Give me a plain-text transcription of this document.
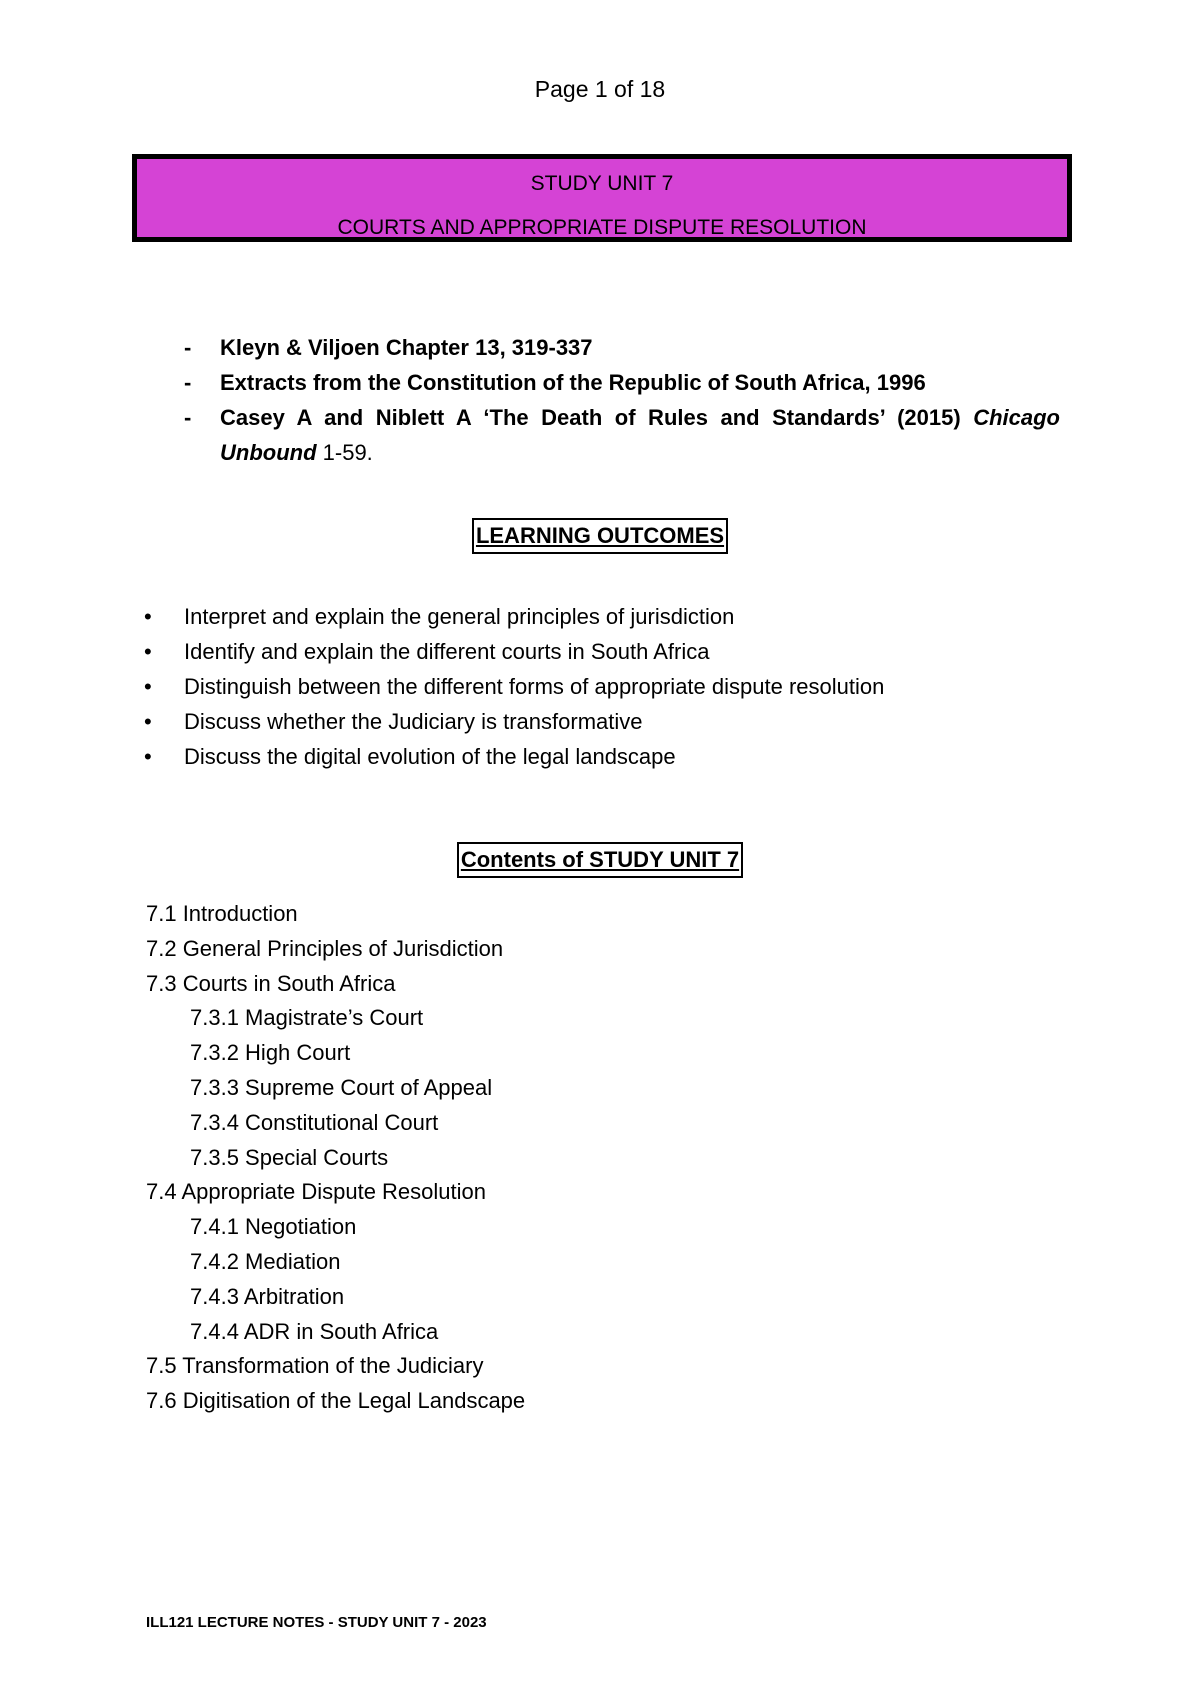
Page 1 of 18

STUDY UNIT 7

COURTS AND APPROPRIATE DISPUTE RESOLUTION

- Kleyn & Viljoen Chapter 13, 319-337
- Extracts from the Constitution of the Republic of South Africa, 1996
- Casey A and Niblett A ‘The Death of Rules and Standards’ (2015) Chicago Unbound 1-59.
LEARNING OUTCOMES
• Interpret and explain the general principles of jurisdiction
• Identify and explain the different courts in South Africa
• Distinguish between the different forms of appropriate dispute resolution
• Discuss whether the Judiciary is transformative
• Discuss the digital evolution of the legal landscape
Contents of STUDY UNIT 7
7.1 Introduction
7.2 General Principles of Jurisdiction
7.3 Courts in South Africa
7.3.1 Magistrate’s Court
7.3.2 High Court
7.3.3 Supreme Court of Appeal
7.3.4 Constitutional Court
7.3.5 Special Courts
7.4 Appropriate Dispute Resolution
7.4.1 Negotiation
7.4.2 Mediation
7.4.3 Arbitration
7.4.4 ADR in South Africa
7.5 Transformation of the Judiciary
7.6 Digitisation of the Legal Landscape
ILL121 LECTURE NOTES - STUDY UNIT 7 - 2023
